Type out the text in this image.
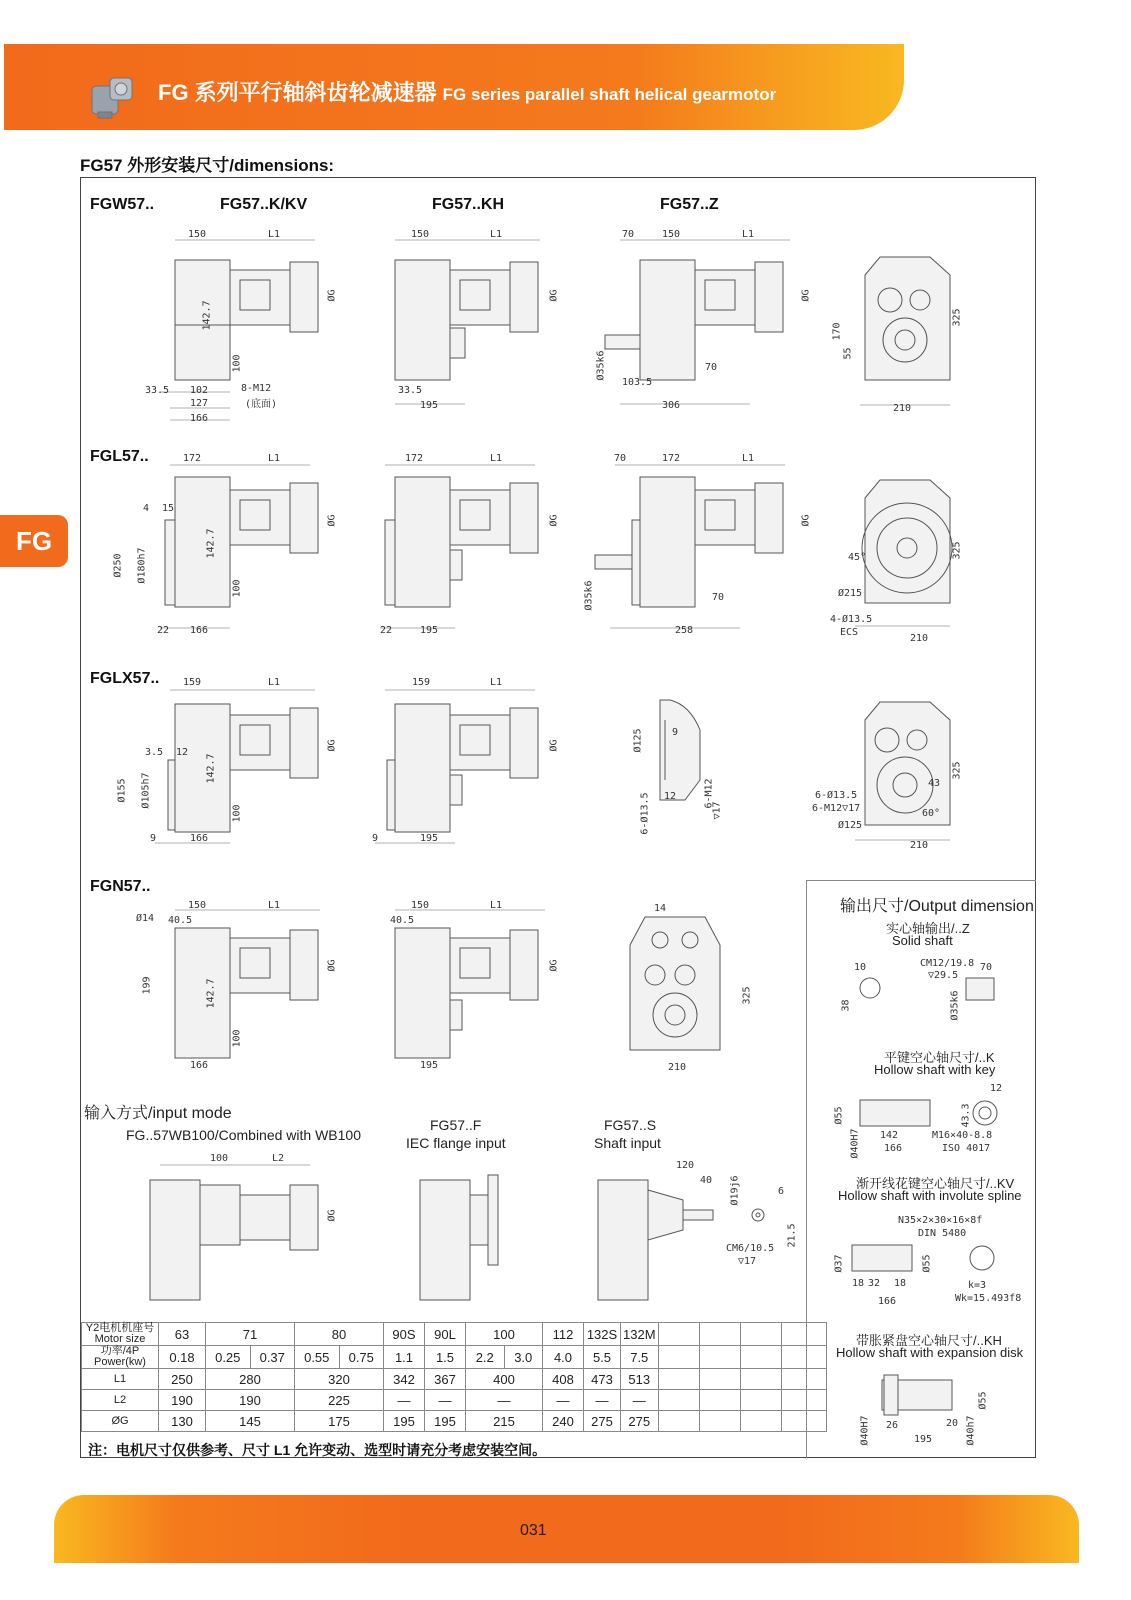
FG 系列平行轴斜齿轮减速器 FG series parallel shaft helical gearmotor
FG57 外形安装尺寸/dimensions:
FG
FGW57..	FG57..K/KV	FG57..KH	FG57..Z
FGL57..
FGLX57..
FGN57..
150	L1
ØG
142.7
100
33.5 102
127
166
8-M12
(底面)
150	L1
ØG
33.5
195
70	150	L1
ØG
Ø35k6
103.5
70
306
170
55
325
210
172	L1
ØG
4 15
Ø250 Ø180h7
142.7
100
22 166
172	L1
ØG
22	195
70	172	L1
ØG
Ø35k6	70
258
45°
Ø215
4-Ø13.5
ECS
325
210
159	L1
ØG
3.5 12
Ø155 Ø105h7
142.7
100
9	166
159	L1
ØG
9	195
Ø125	9
6-Ø13.5 12	6-M12
▽17
6-Ø13.5
6-M12▽17
Ø125
43
60°
325
210
Ø14
150	L1
40.5
ØG
199	142.7
100
166
150	L1
40.5
ØG
195
14
325
210
输入方式/input mode
FG..57WB100/Combined with WB100
FG57..F
IEC flange input
FG57..S
Shaft input
100	L2
ØG
120
40 Ø19j6	6
21.5
CM6/10.5
▽17
输出尺寸/Output dimension
实心轴输出/..Z
Solid shaft
10	CM12/19.8
▽29.5
70
38	Ø35k6
平键空心轴尺寸/..K
Hollow shaft with key
12
Ø55
Ø40H7 142
166
43.3
M16×40-8.8
ISO 4017
渐开线花键空心轴尺寸/..KV
Hollow shaft with involute spline
N35×2×30×16×8f
DIN 5480
Ø37	Ø55
18 32 18
166
k=3
Wk=15.493f8
带胀紧盘空心轴尺寸/..KH
Hollow shaft with expansion disk
Ø40H7 26	20
195
Ø55
Ø40h7
Y2电机机座号
Motor size	63	71		80		90S	90L	100		112	132S	132M				
功率/4P
Power(kw)	0.18	0.25	0.37	0.55	0.75	1.1	1.5	2.2	3.0	4.0	5.5	7.5				
L1	250	280		320		342	367	400		408	473	513				
L2	190	190		225		—	—	—		—	—	—				
ØG	130	145		175		195	195	215		240	275	275				
注：电机尺寸仅供参考、尺寸 L1 允许变动、选型时请充分考虑安装空间。
031
